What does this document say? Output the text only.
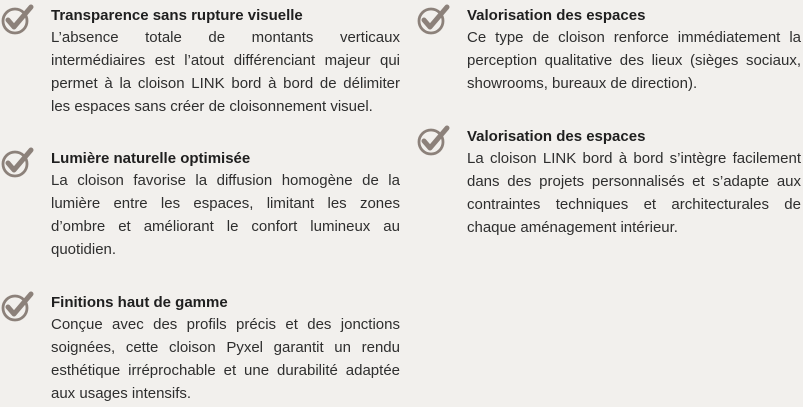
Transparence sans rupture visuelle
L’absence totale de montants verticaux intermédiaires est l’atout différenciant majeur qui permet à la cloison LINK bord à bord de délimiter les espaces sans créer de cloisonnement visuel.
Lumière naturelle optimisée
La cloison favorise la diffusion homogène de la lumière entre les espaces, limitant les zones d’ombre et améliorant le confort lumineux au quotidien.
Finitions haut de gamme
Conçue avec des profils précis et des jonctions soignées, cette cloison Pyxel garantit un rendu esthétique irréprochable et une durabilité adaptée aux usages intensifs.
Valorisation des espaces
Ce type de cloison renforce immédiatement la perception qualitative des lieux (sièges sociaux, showrooms, bureaux de direction).
Valorisation des espaces
La cloison LINK bord à bord s’intègre facilement dans des projets personnalisés et s’adapte aux contraintes techniques et architecturales de chaque aménagement intérieur.
